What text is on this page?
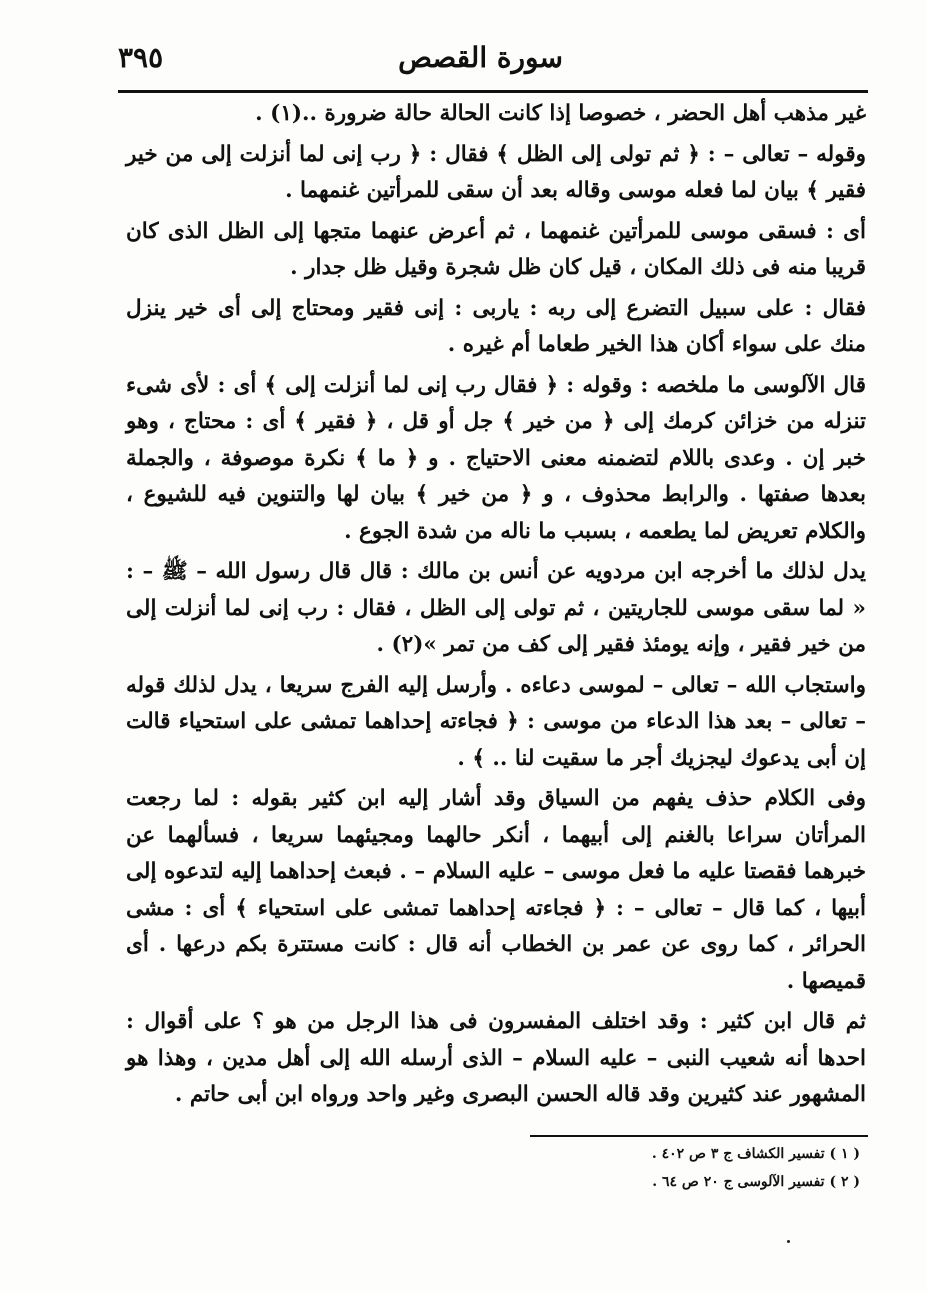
سورة القصص
٣٩٥

غير مذهب أهل الحضر ، خصوصا إذا كانت الحالة حالة ضرورة ..(١) .

وقوله – تعالى – : ﴿ ثم تولى إلى الظل ﴾ فقال : ﴿ رب إنى لما أنزلت إلى من خير فقير ﴾ بيان لما فعله موسى وقاله بعد أن سقى للمرأتين غنمهما .

أى : فسقى موسى للمرأتين غنمهما ، ثم أعرض عنهما متجها إلى الظل الذى كان قريبا منه فى ذلك المكان ، قيل كان ظل شجرة وقيل ظل جدار .

فقال : على سبيل التضرع إلى ربه : ياربى : إنى فقير ومحتاج إلى أى خير ينزل منك على سواء أكان هذا الخير طعاما أم غيره .

قال الآلوسى ما ملخصه : وقوله : ﴿ فقال رب إنى لما أنزلت إلى ﴾ أى : لأى شىء تنزله من خزائن كرمك إلى ﴿ من خير ﴾ جل أو قل ، ﴿ فقير ﴾ أى : محتاج ، وهو خبر إن . وعدى باللام لتضمنه معنى الاحتياج . و ﴿ ما ﴾ نكرة موصوفة ، والجملة بعدها صفتها . والرابط محذوف ، و ﴿ من خير ﴾ بيان لها والتنوين فيه للشيوع ، والكلام تعريض لما يطعمه ، بسبب ما ناله من شدة الجوع .

يدل لذلك ما أخرجه ابن مردويه عن أنس بن مالك : قال قال رسول الله – ﷺ – : « لما سقى موسى للجاريتين ، ثم تولى إلى الظل ، فقال : رب إنى لما أنزلت إلى من خير فقير ، وإنه يومئذ فقير إلى كف من تمر »(٢) .

واستجاب الله – تعالى – لموسى دعاءه . وأرسل إليه الفرج سريعا ، يدل لذلك قوله – تعالى – بعد هذا الدعاء من موسى : ﴿ فجاءته إحداهما تمشى على استحياء قالت إن أبى يدعوك ليجزيك أجر ما سقيت لنا .. ﴾ .

وفى الكلام حذف يفهم من السياق وقد أشار إليه ابن كثير بقوله : لما رجعت المرأتان سراعا بالغنم إلى أبيهما ، أنكر حالهما ومجيئهما سريعا ، فسألهما عن خبرهما فقصتا عليه ما فعل موسى – عليه السلام – . فبعث إحداهما إليه لتدعوه إلى أبيها ، كما قال – تعالى – : ﴿ فجاءته إحداهما تمشى على استحياء ﴾ أى : مشى الحرائر ، كما روى عن عمر بن الخطاب أنه قال : كانت مستترة بكم درعها . أى قميصها .

ثم قال ابن كثير : وقد اختلف المفسرون فى هذا الرجل من هو ؟ على أقوال : احدها أنه شعيب النبى – عليه السلام – الذى أرسله الله إلى أهل مدين ، وهذا هو المشهور عند كثيرين وقد قاله الحسن البصرى وغير واحد ورواه ابن أبى حاتم .

( ١ ) تفسير الكشاف ج ٣ ص ٤٠٢ .
( ٢ ) تفسير الآلوسى ج ٢٠ ص ٦٤ .
